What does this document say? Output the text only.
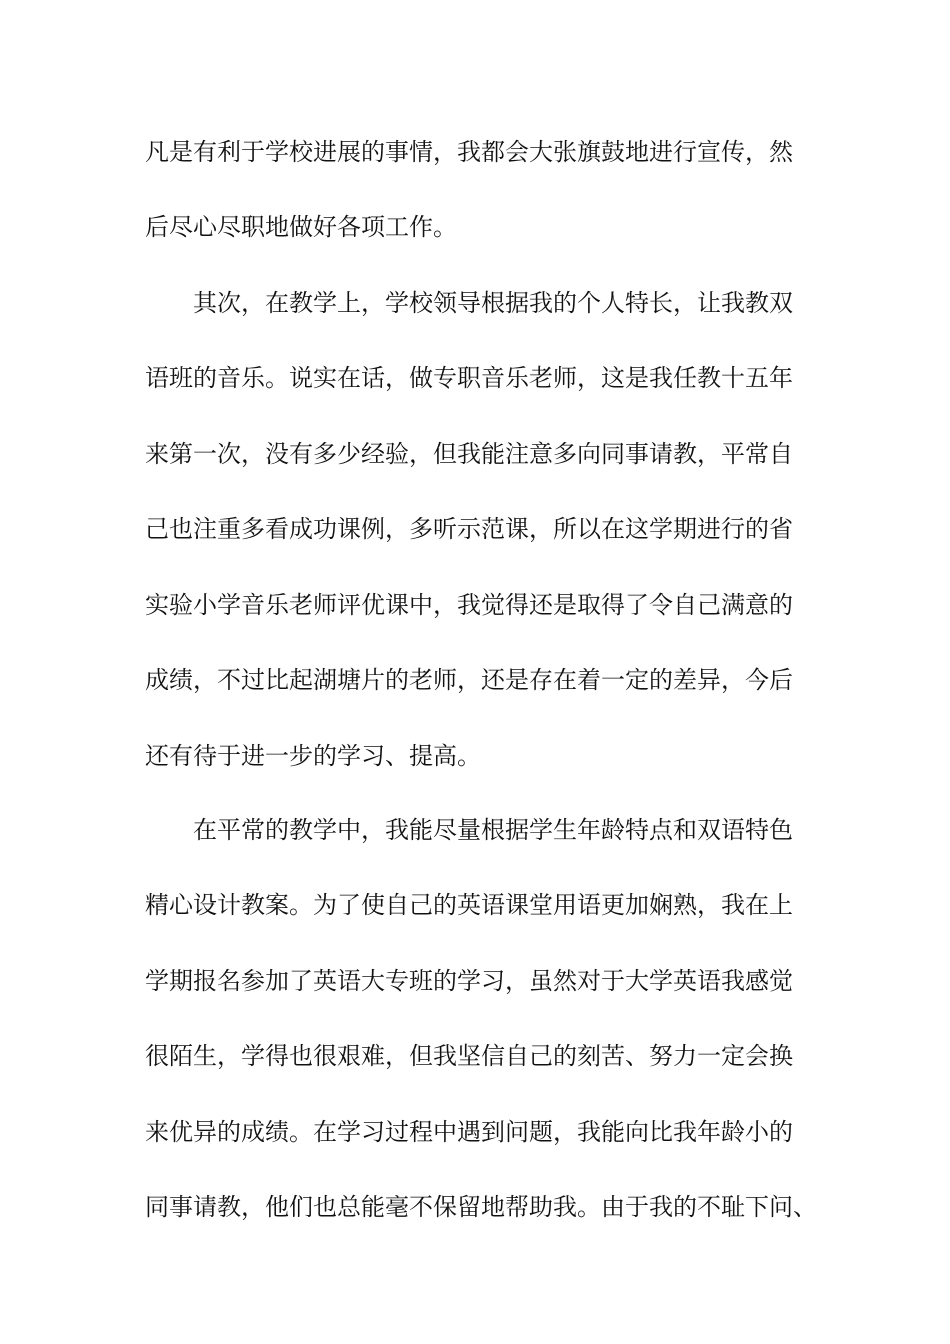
凡是有利于学校进展的事情，我都会大张旗鼓地进行宣传，然
后尽心尽职地做好各项工作。
其次，在教学上，学校领导根据我的个人特长，让我教双
语班的音乐。说实在话，做专职音乐老师，这是我任教十五年
来第一次，没有多少经验，但我能注意多向同事请教，平常自
己也注重多看成功课例，多听示范课，所以在这学期进行的省
实验小学音乐老师评优课中，我觉得还是取得了令自己满意的
成绩，不过比起湖塘片的老师，还是存在着一定的差异，今后
还有待于进一步的学习、提高。
在平常的教学中，我能尽量根据学生年龄特点和双语特色
精心设计教案。为了使自己的英语课堂用语更加娴熟，我在上
学期报名参加了英语大专班的学习，虽然对于大学英语我感觉
很陌生，学得也很艰难，但我坚信自己的刻苦、努力一定会换
来优异的成绩。在学习过程中遇到问题，我能向比我年龄小的
同事请教，他们也总能毫不保留地帮助我。由于我的不耻下问、
